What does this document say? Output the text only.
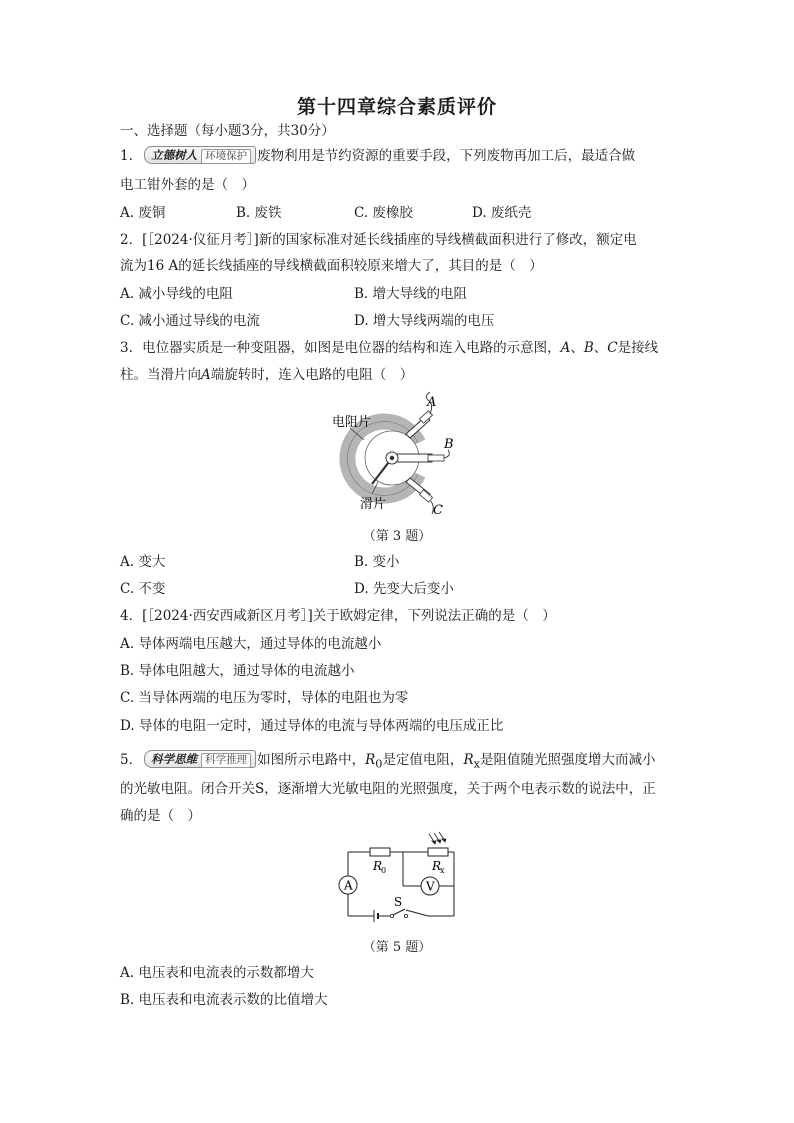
第十四章综合素质评价
一、选择题（每小题3分，共30分）
1． 立德树人 环境保护 废物利用是节约资源的重要手段，下列废物再加工后，最适合做
电工钳外套的是（　）
A. 废铜	B. 废铁	C. 废橡胶	D. 废纸壳
2．[［2024·仪征月考］]新的国家标准对延长线插座的导线横截面积进行了修改，额定电
流为16 A的延长线插座的导线横截面积较原来增大了，其目的是（　）
A. 减小导线的电阻	B. 增大导线的电阻
C. 减小通过导线的电流	D. 增大导线两端的电压
3．电位器实质是一种变阻器，如图是电位器的结构和连入电路的示意图，A、B、C是接线
柱。当滑片向A端旋转时，连入电路的电阻（　）
电阻片
滑片
A
B
C
（第 3 题）
A. 变大	B. 变小
C. 不变	D. 先变大后变小
4．[［2024·西安西咸新区月考］]关于欧姆定律，下列说法正确的是（　）
A. 导体两端电压越大，通过导体的电流越小
B. 导体电阻越大，通过导体的电流越小
C. 当导体两端的电压为零时，导体的电阻也为零
D. 导体的电阻一定时，通过导体的电流与导体两端的电压成正比
5． 科学思维 科学推理 如图所示电路中，$R_0$是定值电阻，$R_x$是阻值随光照强度增大而减小
的光敏电阻。闭合开关S，逐渐增大光敏电阻的光照强度，关于两个电表示数的说法中，正
确的是（　）
A	V
R
0	R
x
S
（第 5 题）
A. 电压表和电流表的示数都增大
B. 电压表和电流表示数的比值增大
